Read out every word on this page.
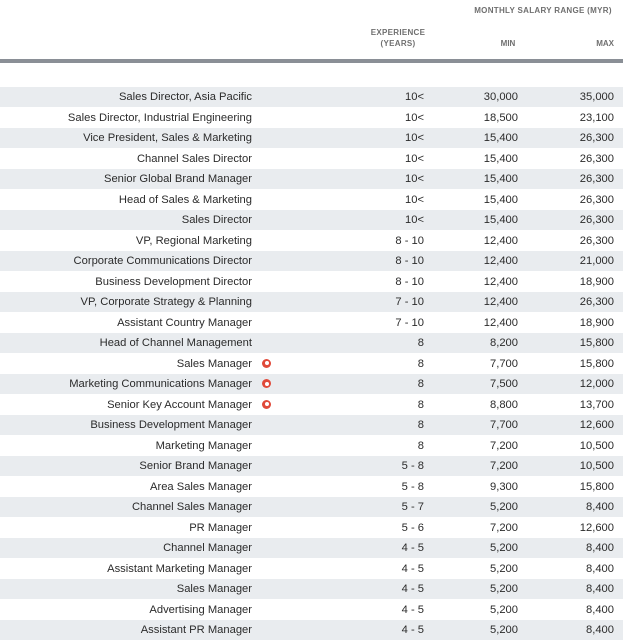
MONTHLY SALARY RANGE (MYR)
EXPERIENCE
(YEARS)	MIN	MAX
Sales Director, Asia Pacific	10<	30,000	35,000
Sales Director, Industrial Engineering	10<	18,500	23,100
Vice President, Sales & Marketing	10<	15,400	26,300
Channel Sales Director	10<	15,400	26,300
Senior Global Brand Manager	10<	15,400	26,300
Head of Sales & Marketing	10<	15,400	26,300
Sales Director	10<	15,400	26,300
VP, Regional Marketing	8 - 10	12,400	26,300
Corporate Communications Director	8 - 10	12,400	21,000
Business Development Director	8 - 10	12,400	18,900
VP, Corporate Strategy & Planning	7 - 10	12,400	26,300
Assistant Country Manager	7 - 10	12,400	18,900
Head of Channel Management	8	8,200	15,800
Sales Manager	8	7,700	15,800
Marketing Communications Manager	8	7,500	12,000
Senior Key Account Manager	8	8,800	13,700
Business Development Manager	8	7,700	12,600
Marketing Manager	8	7,200	10,500
Senior Brand Manager	5 - 8	7,200	10,500
Area Sales Manager	5 - 8	9,300	15,800
Channel Sales Manager	5 - 7	5,200	8,400
PR Manager	5 - 6	7,200	12,600
Channel Manager	4 - 5	5,200	8,400
Assistant Marketing Manager	4 - 5	5,200	8,400
Sales Manager	4 - 5	5,200	8,400
Advertising Manager	4 - 5	5,200	8,400
Assistant PR Manager	4 - 5	5,200	8,400
